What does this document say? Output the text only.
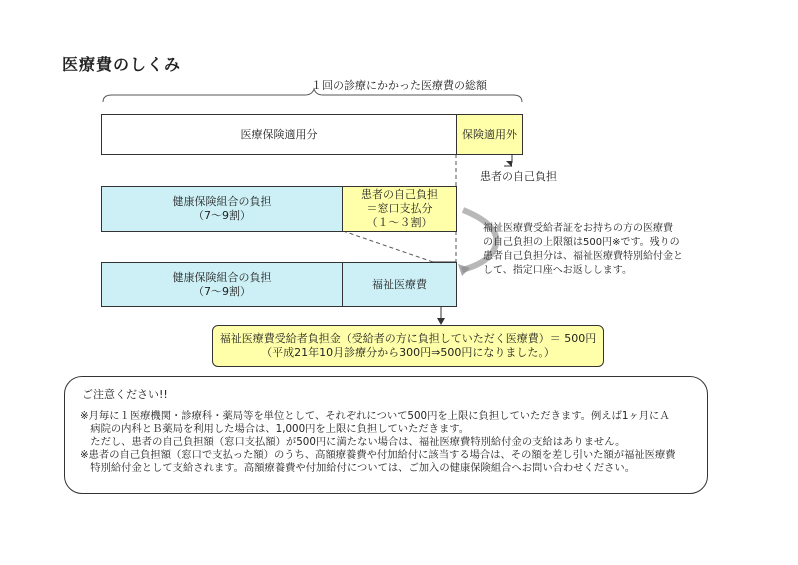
医療費のしくみ
１回の診療にかかった医療費の総額
医療保険適用分	保険適用外
患者の自己負担
健康保険組合の負担
（7～9割）
患者の自己負担
＝窓口支払分
（１～３割）
健康保険組合の負担
（7～9割）
福祉医療費
福祉医療費受給者証をお持ちの方の医療費
の自己負担の上限額は500円※です。残りの
患者自己負担分は、福祉医療費特別給付金と
して、指定口座へお返しします。
福祉医療費受給者負担金（受給者の方に負担していただく医療費）＝ 500円
（平成21年10月診療分から300円⇒500円になりました。）
ご注意ください!!
※月毎に１医療機関・診療科・薬局等を単位として、それぞれについて500円を上限に負担していただきます。例えば1ヶ月にＡ
　病院の内科とＢ薬局を利用した場合は、1,000円を上限に負担していただきます。
　ただし、患者の自己負担額（窓口支払額）が500円に満たない場合は、福祉医療費特別給付金の支給はありません。
※患者の自己負担額（窓口で支払った額）のうち、高額療養費や付加給付に該当する場合は、その額を差し引いた額が福祉医療費
　特別給付金として支給されます。高額療養費や付加給付については、ご加入の健康保険組合へお問い合わせください。
